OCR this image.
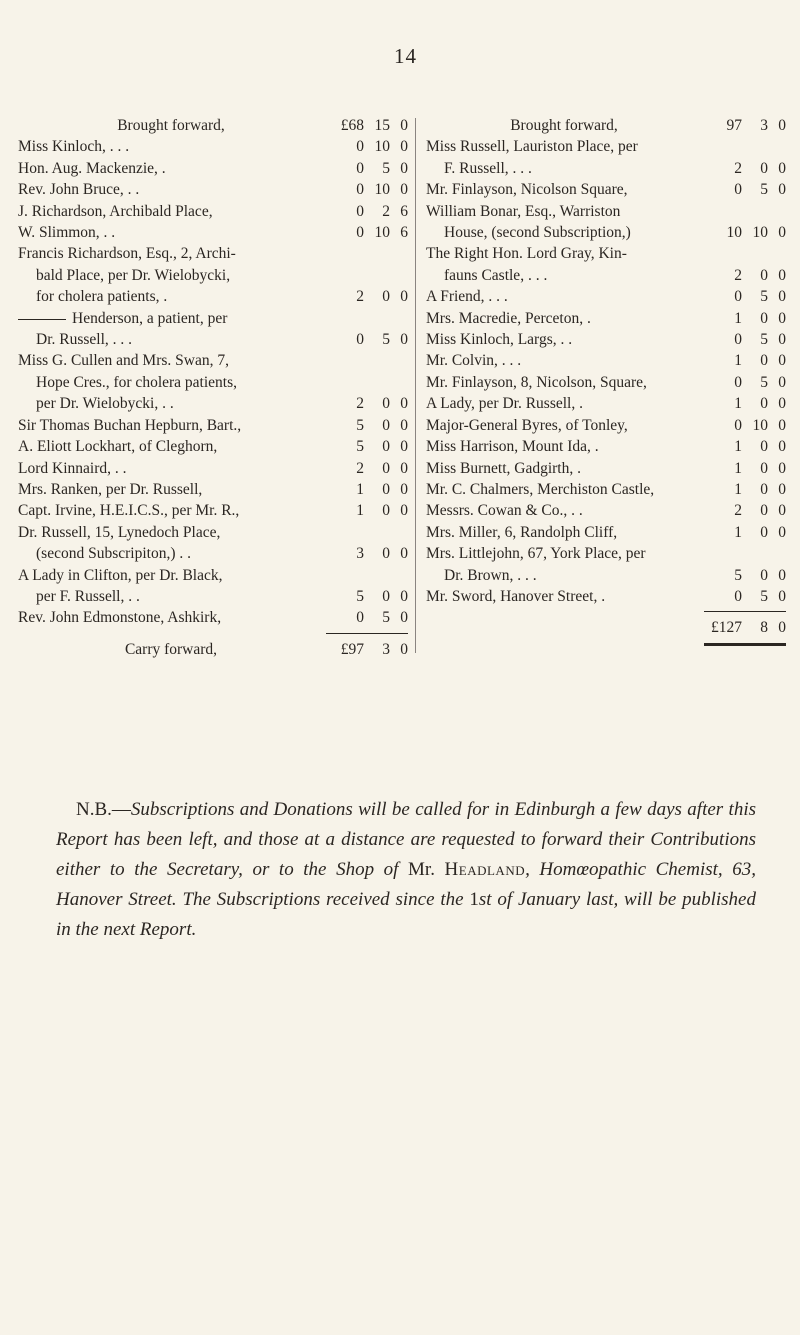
14
Brought forward,	£68 15 0
Miss Kinloch, . . .	0 10 0
Hon. Aug. Mackenzie, .	0	5 0
Rev. John Bruce, . .	0 10 0
J. Richardson, Archibald Place,	0	2 6
W. Slimmon, . .	0 10 6
Francis Richardson, Esq., 2, Archi-
bald Place, per Dr. Wielobycki,
for cholera patients, .	2	0 0
Henderson, a patient, per
Dr. Russell, . . .	0	5 0
Miss G. Cullen and Mrs. Swan, 7,
Hope Cres., for cholera patients,
per Dr. Wielobycki, . .	2	0 0
Sir Thomas Buchan Hepburn, Bart.,	5	0 0
A. Eliott Lockhart, of Cleghorn,	5	0 0
Lord Kinnaird, . .	2	0 0
Mrs. Ranken, per Dr. Russell,	1	0 0
Capt. Irvine, H.E.I.C.S., per Mr. R.,	1	0 0
Dr. Russell, 15, Lynedoch Place,
(second Subscripiton,) . .	3	0 0
A Lady in Clifton, per Dr. Black,
per F. Russell, . .	5	0 0
Rev. John Edmonstone, Ashkirk,	0	5 0
Carry forward,	£97	3 0
Brought forward,	97	3 0
Miss Russell, Lauriston Place, per
F. Russell, . . .	2	0 0
Mr. Finlayson, Nicolson Square,	0	5 0
William Bonar, Esq., Warriston
House, (second Subscription,)	10 10 0
The Right Hon. Lord Gray, Kin-
fauns Castle, . . .	2	0 0
A Friend, . . .	0	5 0
Mrs. Macredie, Perceton, .	1	0 0
Miss Kinloch, Largs, . .	0	5 0
Mr. Colvin, . . .	1	0 0
Mr. Finlayson, 8, Nicolson, Square,	0	5 0
A Lady, per Dr. Russell, .	1	0 0
Major-General Byres, of Tonley,	0 10 0
Miss Harrison, Mount Ida, .	1	0 0
Miss Burnett, Gadgirth, .	1	0 0
Mr. C. Chalmers, Merchiston Castle,	1	0 0
Messrs. Cowan & Co., . .	2	0 0
Mrs. Miller, 6, Randolph Cliff,	1	0 0
Mrs. Littlejohn, 67, York Place, per
Dr. Brown, . . .	5	0 0
Mr. Sword, Hanover Street, .	0	5 0
£127	8 0
N.B.—Subscriptions and Donations will be called for in Edinburgh a few days after this Report has been left, and those at a distance are requested to forward their Contributions either to the Secretary, or to the Shop of Mr. Headland, Homœopathic Chemist, 63, Hanover Street. The Subscriptions received since the 1st of January last, will be published in the next Report.
